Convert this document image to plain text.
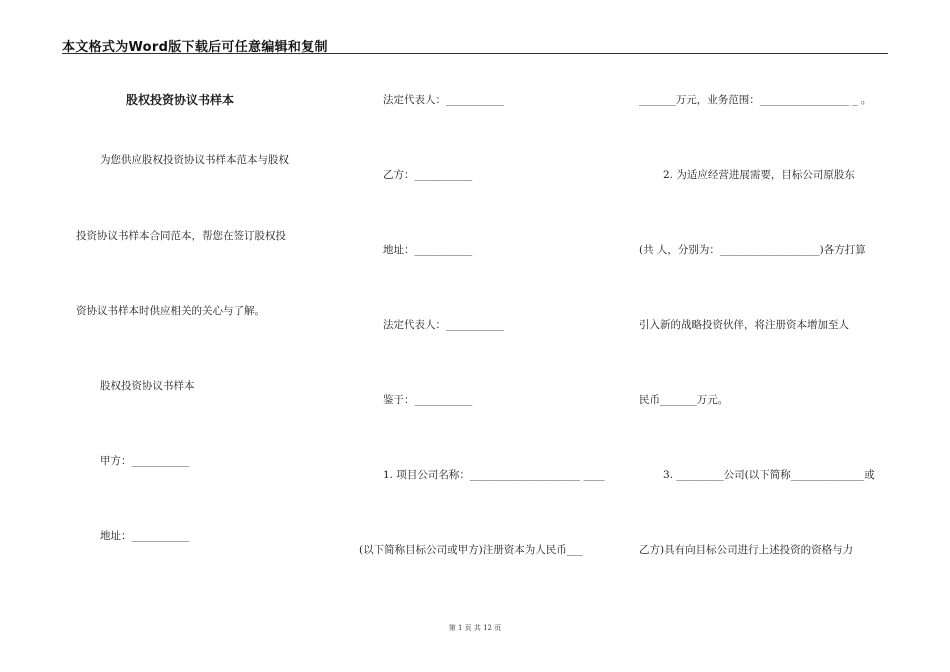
本文格式为Word版下载后可任意编辑和复制
股权投资协议书样本
为您供应股权投资协议书样本范本与股权
投资协议书样本合同范本，帮您在签订股权投
资协议书样本时供应相关的关心与了解。
股权投资协议书样本
甲方：___________
地址：___________
法定代表人：___________
乙方：___________
地址：___________
法定代表人：___________
鉴于：___________
1. 项目公司名称：_____________________ ____
(以下简称目标公司或甲方)注册资本为人民币___
_______万元，业务范围：_________________ _ 。
2. 为适应经营进展需要，目标公司原股东
(共 人，分别为：___________________)各方打算
引入新的战略投资伙伴，将注册资本增加至人
民币_______万元。
3. _________公司(以下简称______________或
乙方)具有向目标公司进行上述投资的资格与力
第 1 页 共 12 页
